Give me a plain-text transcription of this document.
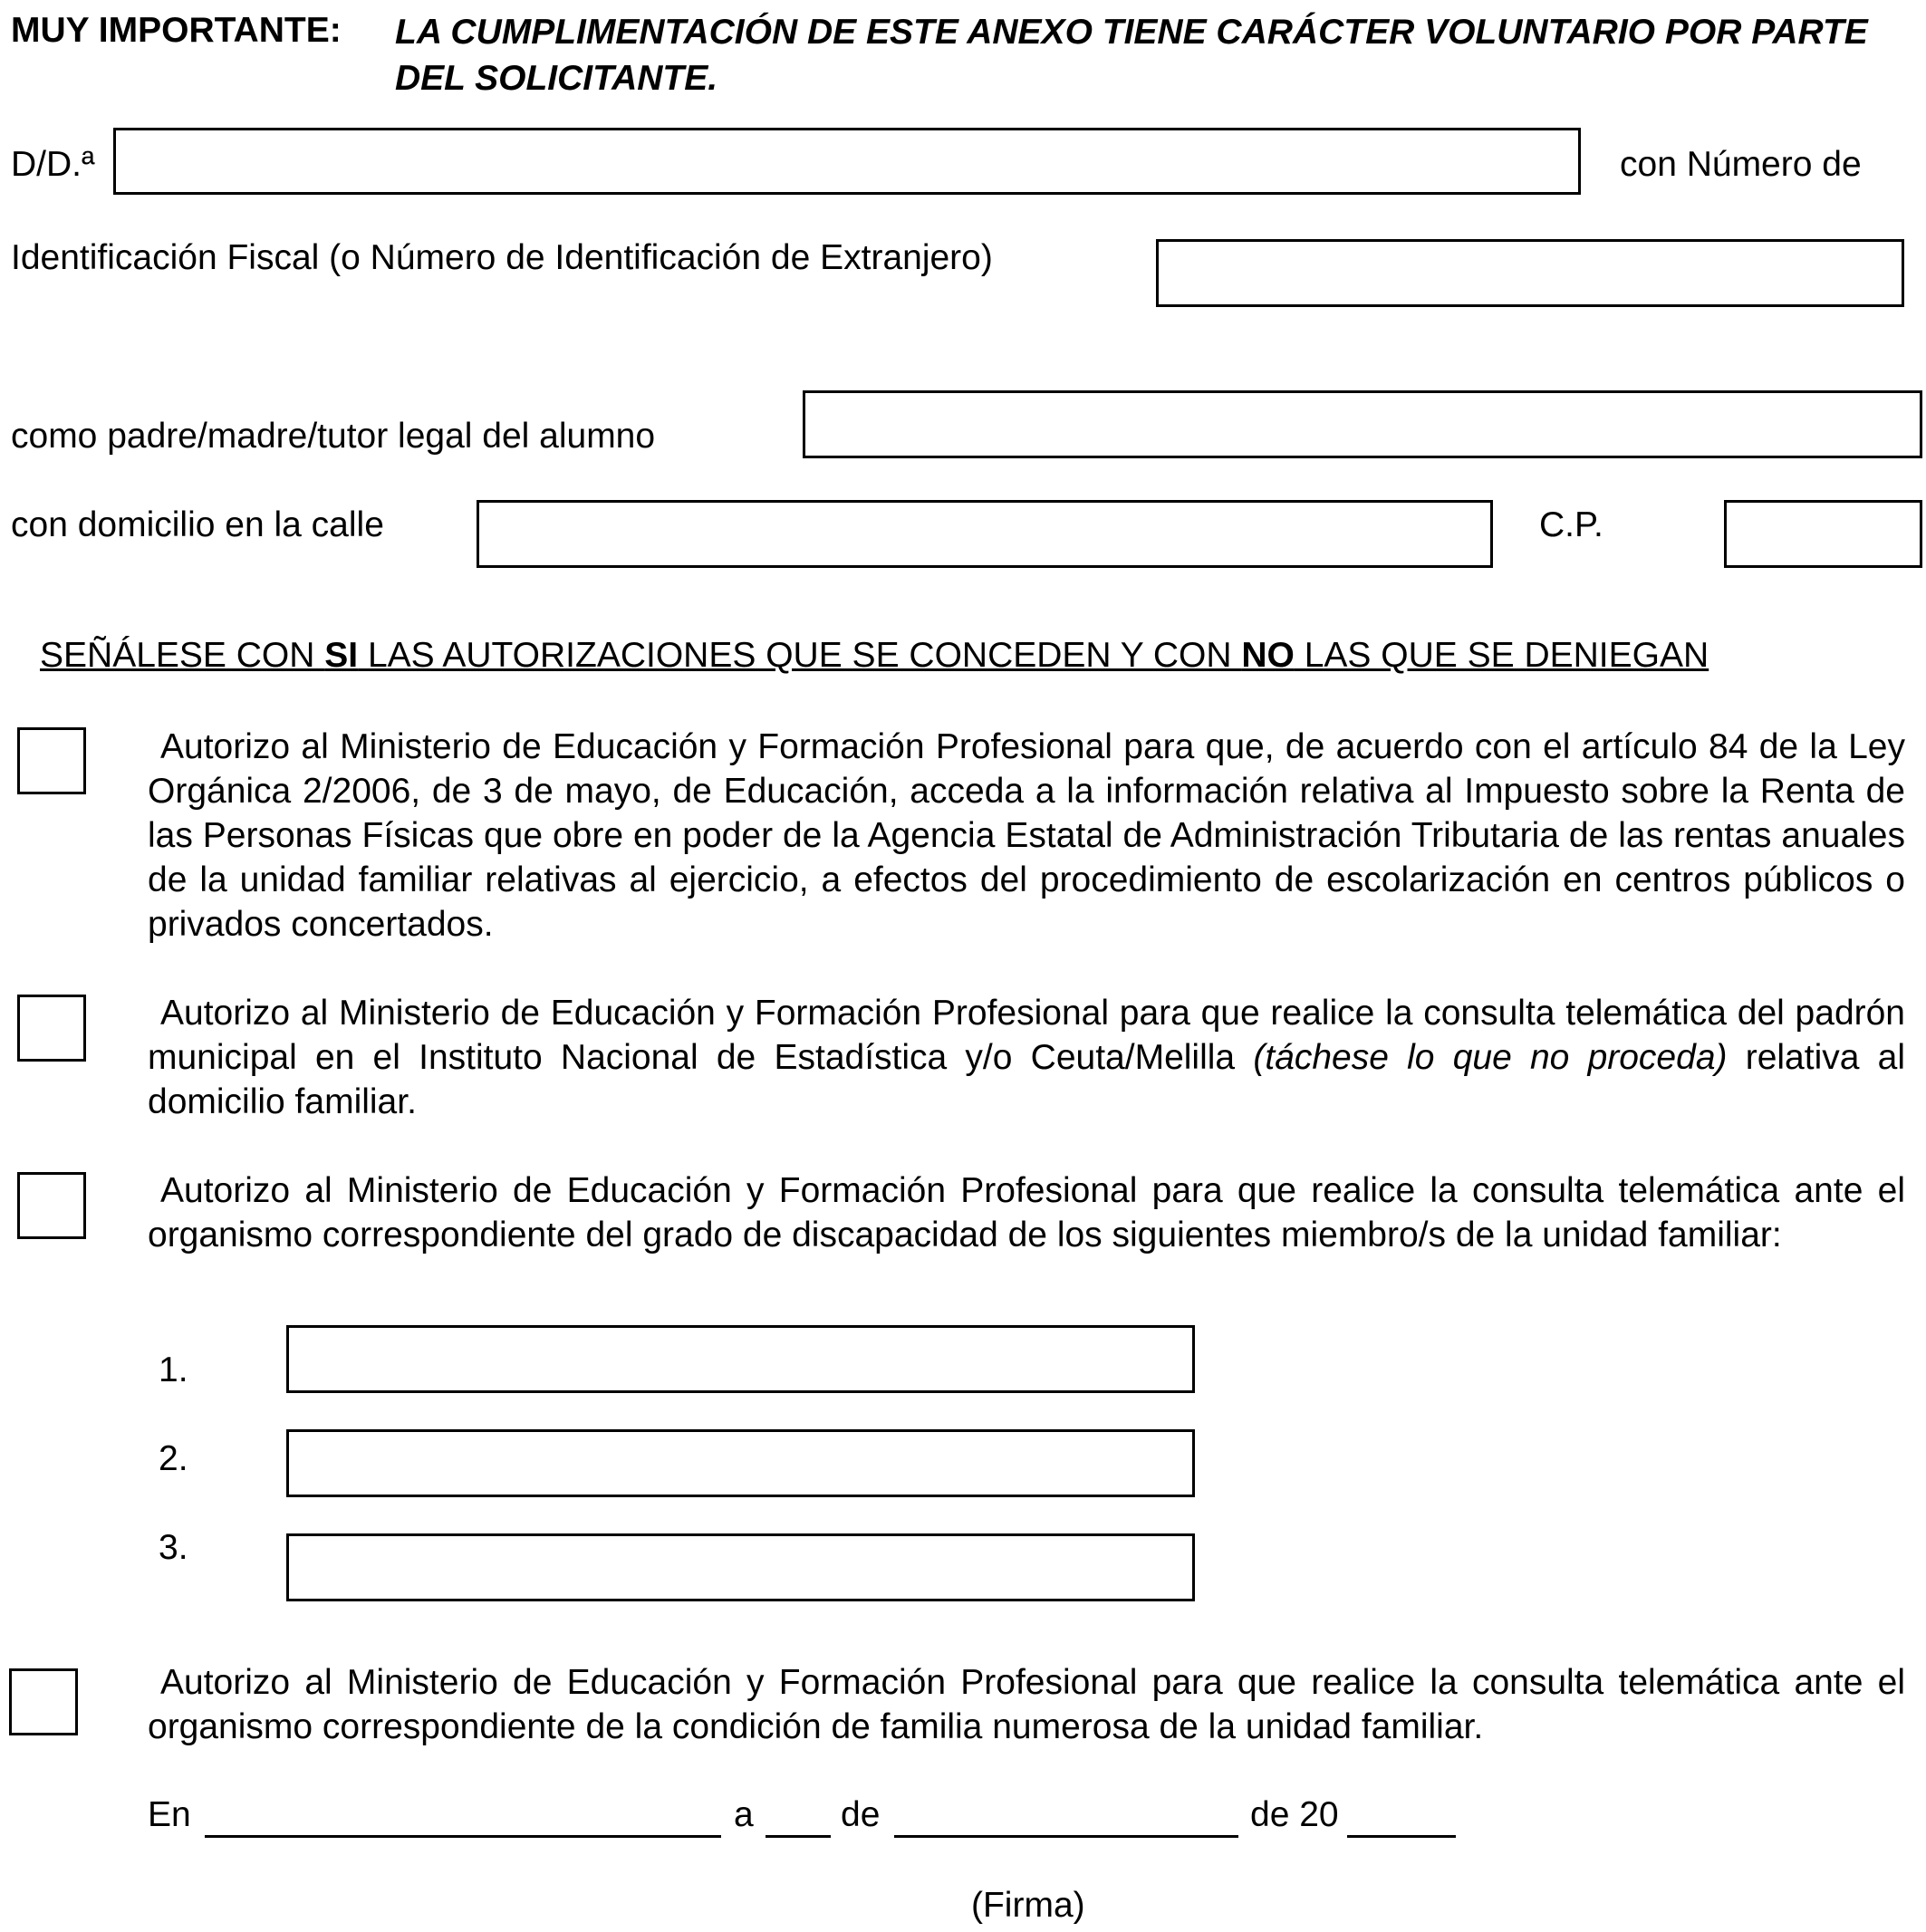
MUY IMPORTANTE: LA CUMPLIMENTACIÓN DE ESTE ANEXO TIENE CARÁCTER VOLUNTARIO POR PARTE DEL SOLICITANTE.
D/D.ª	con Número de
Identificación Fiscal (o Número de Identificación de Extranjero)
como padre/madre/tutor legal del alumno
con domicilio en la calle	C.P.
SEÑÁLESE CON SI LAS AUTORIZACIONES QUE SE CONCEDEN Y CON NO LAS QUE SE DENIEGAN
Autorizo al Ministerio de Educación y Formación Profesional para que, de acuerdo con el artículo 84 de la Ley Orgánica 2/2006, de 3 de mayo, de Educación, acceda a la información relativa al Impuesto sobre la Renta de las Personas Físicas que obre en poder de la Agencia Estatal de Administración Tributaria de las rentas anuales de la unidad familiar relativas al ejercicio, a efectos del procedimiento de escolarización en centros públicos o privados concertados.
Autorizo al Ministerio de Educación y Formación Profesional para que realice la consulta telemática del padrón municipal en el Instituto Nacional de Estadística y/o Ceuta/Melilla (táchese lo que no proceda) relativa al domicilio familiar.
Autorizo al Ministerio de Educación y Formación Profesional para que realice la consulta telemática ante el organismo correspondiente del grado de discapacidad de los siguientes miembro/s de la unidad familiar:
1.
2.
3.
Autorizo al Ministerio de Educación y Formación Profesional para que realice la consulta telemática ante el organismo correspondiente de la condición de familia numerosa de la unidad familiar.
En	a de	de 20
(Firma)
